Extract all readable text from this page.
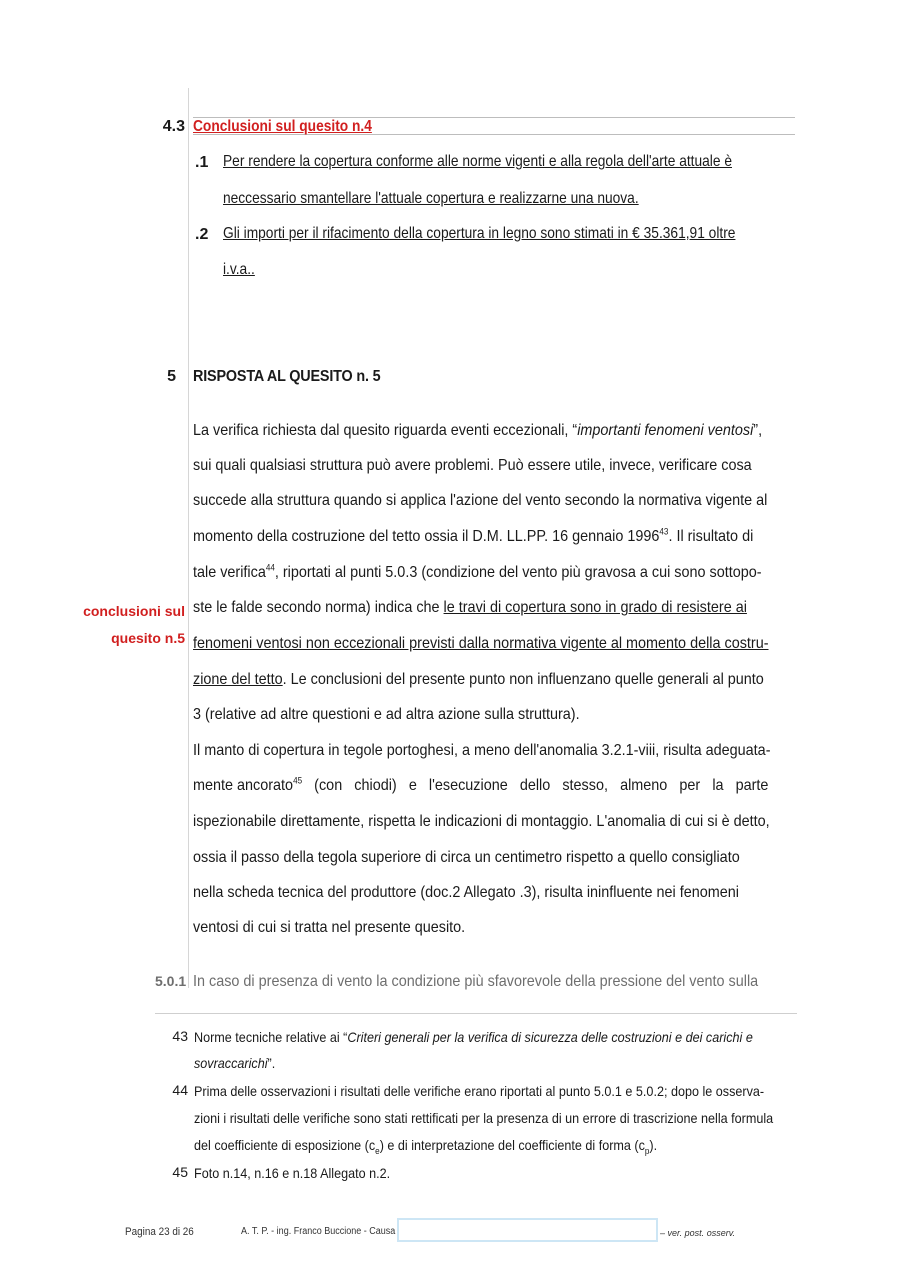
4.3 Conclusioni sul quesito n.4
.1 Per rendere la copertura conforme alle norme vigenti e alla regola dell'arte attuale è
neccessario smantellare l'attuale copertura e realizzarne una nuova.
.2 Gli importi per il rifacimento della copertura in legno sono stimati in € 35.361,91 oltre
i.v.a..
5 RISPOSTA AL QUESITO n. 5
conclusioni sul
quesito n.5
La verifica richiesta dal quesito riguarda eventi eccezionali, “importanti fenomeni ventosi”,
sui quali qualsiasi struttura può avere problemi. Può essere utile, invece, verificare cosa
succede alla struttura quando si applica l'azione del vento secondo la normativa vigente al
momento della costruzione del tetto ossia il D.M. LL.PP. 16 gennaio 1996$^{43}$. Il risultato di
tale verifica$^{44}$, riportati al punti 5.0.3 (condizione del vento più gravosa a cui sono sottopo-
ste le falde secondo norma) indica che le travi di copertura sono in grado di resistere ai
fenomeni ventosi non eccezionali previsti dalla normativa vigente al momento della costru-
zione del tetto. Le conclusioni del presente punto non influenzano quelle generali al punto
3 (relative ad altre questioni e ad altra azione sulla struttura).
Il manto di copertura in tegole portoghesi, a meno dell'anomalia 3.2.1-viii, risulta adeguata-
mente ancorato$^{45}$ (con chiodi) e l'esecuzione dello stesso, almeno per la parte
ispezionabile direttamente, rispetta le indicazioni di montaggio. L'anomalia di cui si è detto,
ossia il passo della tegola superiore di circa un centimetro rispetto a quello consigliato
nella scheda tecnica del produttore (doc.2 Allegato .3), risulta ininfluente nei fenomeni
ventosi di cui si tratta nel presente quesito.
5.0.1 In caso di presenza di vento la condizione più sfavorevole della pressione del vento sulla
43 Norme tecniche relative ai “Criteri generali per la verifica di sicurezza delle costruzioni e dei carichi e
sovraccarichi”.
44 Prima delle osservazioni i risultati delle verifiche erano riportati al punto 5.0.1 e 5.0.2; dopo le osserva-
zioni i risultati delle verifiche sono stati rettificati per la presenza di un errore di trascrizione nella formula
del coefficiente di esposizione $(c_e)$ e di interpretazione del coefficiente di forma $(c_p)$.
45 Foto n.14, n.16 e n.18 Allegato n.2.
Pagina 23 di 26	A. T. P. - ing. Franco Buccione - Causa	– ver. post. osserv.
